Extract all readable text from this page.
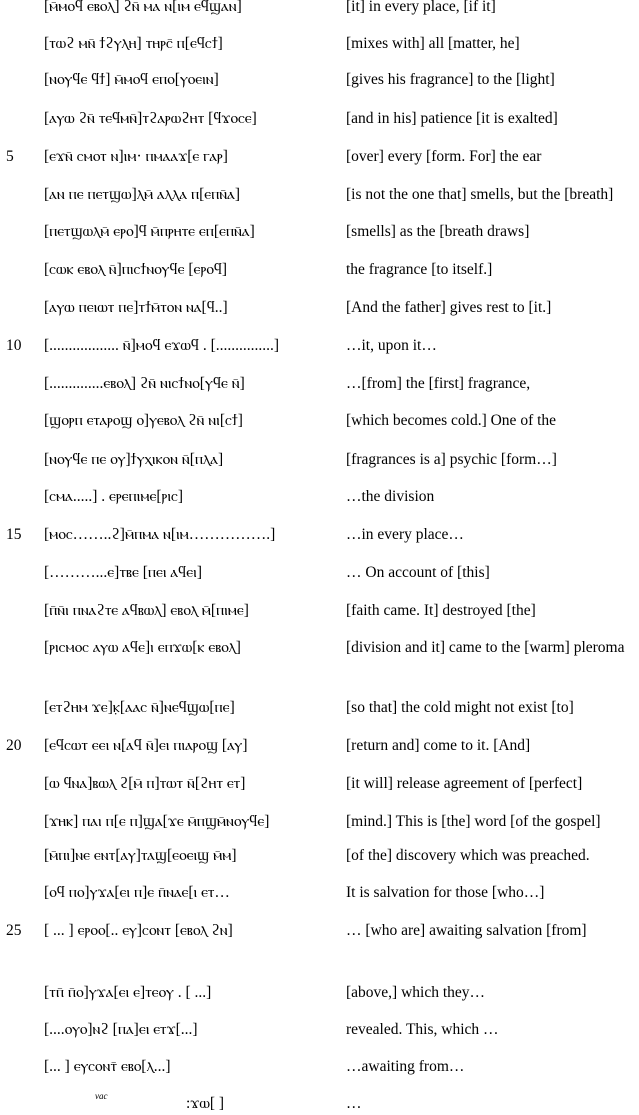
[ⲙ̄ⲙⲟϥ ⲉⲃⲟⲗ] ϩⲛ̄ ⲙⲁ ⲛ[ⲓⲙ ⲉϥϣⲁⲛ]	[it] in every place, [if it]
[ⲧⲱϩ ⲙⲛ̄ ϯϩⲩⲗⲏ] ⲧⲏⲣⲥ̄ ⲡ[ⲉϥⲥϯ]	[mixes with] all [matter, he]
[ⲛⲟⲩϥⲉ ϥϯ] ⲙ̄ⲙⲟϥ ⲉⲡⲟ[ⲩⲟⲉⲓⲛ]	[gives his fragrance] to the [light]
[ⲁⲩⲱ ϩⲛ̄ ⲧⲉϥⲙⲛ̄]ⲧϩⲁⲣⲱϩⲏⲧ [ϥϫⲟⲥⲉ]	[and in his] patience [it is exalted]
5	[ⲉϫⲛ̄ ⲥⲙⲟⲧ ⲛ]ⲓⲙ· ⲡⲙⲁⲁϫ[ⲉ ⲅⲁⲣ]	[over] every [form. For] the ear
[ⲁⲛ ⲡⲉ ⲡⲉⲧϣⲱ]ⲗⲙ̄ ⲁⲗⲗⲁ ⲡ[ⲉⲡⲛ̄ⲁ]	[is not the one that] smells, but the [breath]
[ⲡⲉⲧϣⲱⲗⲙ̄ ⲉⲣⲟ]ϥ ⲙ̄ⲡⲣⲏⲧⲉ ⲉⲡ[ⲉⲡⲛ̄ⲁ]	[smells] as the [breath draws]
[ⲥⲱⲕ ⲉⲃⲟⲗ ⲛ̄]ⲡⲓⲥϯⲛⲟⲩϥⲉ [ⲉⲣⲟϥ]	the fragrance [to itself.]
[ⲁⲩⲱ ⲡⲉⲓⲱⲧ ⲡⲉ]ⲧϯⲙ̄ⲧⲟⲛ ⲛⲁ[ϥ..]	[And the father] gives rest to [it.]
10	[.................. ⲛ̄]ⲙⲟϥ ⲉϫⲱϥ . [...............]	…it, upon it…
[..............ⲉⲃⲟⲗ] ϩⲛ̄ ⲛⲓⲥϯⲛⲟ[ⲩϥⲉ ⲛ̄]	…[from] the [first] fragrance,
[ϣⲟⲣⲡ ⲉⲧⲁⲣⲟϣ ⲟ]ⲩⲉⲃⲟⲗ ϩⲛ̄ ⲛⲓ[ⲥϯ]	[which becomes cold.] One of the
[ⲛⲟⲩϥⲉ ⲡⲉ ⲟⲩ]ϯⲩⲭⲓⲕⲟⲛ ⲛ̄[ⲡⲗⲁ]	[fragrances is a] psychic [form…]
[ⲥⲙⲁ.....] . ⲉⲣⲉⲡⲓⲙⲉ[ⲣⲓⲥ]	…the division
15	[ⲙⲟⲥ……..ϩ]ⲙ̄ⲡⲙⲁ ⲛ[ⲓⲙ…………….]	…in every place…
[………...ⲉ]ⲧⲃⲉ [ⲡⲉⲓ ⲁϥⲉⲓ]	… On account of [this]
[ⲡ̄ⲛ̄ⲓ ⲡⲛⲁϩⲧⲉ ⲁϥⲃⲱⲗ] ⲉⲃⲟⲗ ⲙ̄[ⲡⲓⲙⲉ]	[faith came. It] destroyed [the]
[ⲣⲓⲥⲙⲟⲥ ⲁⲩⲱ ⲁϥⲉ]ⲓ ⲉⲡϫⲱ[ⲕ ⲉⲃⲟⲗ]	[division and it] came to the [warm] pleroma
[ⲉⲧϩⲏⲙ ϫⲉ]ⲕ̣[ⲁⲁⲥ ⲛ̄]ⲛⲉϥϣⲱ[ⲡⲉ]	[so that] the cold might not exist [to]
20	[ⲉϥⲥⲱⲧ ⲉⲉⲓ ⲛ[ⲁϥ ⲛ̄]ⲉⲓ ⲡⲓⲁⲣⲟϣ [ⲁⲩ]	[return and] come to it. [And]
[ⲱ ϥⲛⲁ]ⲃⲱⲗ ϩ[ⲙ̄ ⲡ]ⲧⲱⲧ ⲛ̄[ϩⲏⲧ ⲉⲧ]	[it will] release agreement of [perfect]
[ϫⲏⲕ] ⲡⲁⲓ ⲡ[ⲉ ⲡ]ϣⲁ[ϫⲉ ⲙ̄ⲡϣⲙ̄ⲛⲟⲩϥⲉ]	[mind.] This is [the] word [of the gospel]
[ⲙ̄ⲡⲓ]ⲛⲉ ⲉⲛⲧ[ⲁⲩ]ⲧⲁϣ[ⲉⲟⲉⲓϣ ⲙ̄ⲙ]	[of the] discovery which was preached.
[ⲟϥ ⲡⲟ]ⲩϫⲁ[ⲉⲓ ⲡ]ⲉ ⲡ̄ⲛⲁⲉ[ⲓ ⲉⲧ…	It is salvation for those [who…]
25	[ ... ] ⲉⲣⲟⲟ[.. ⲉⲩ]ⲥⲟⲛⲧ [ⲉⲃⲟⲗ ϩⲛ]	… [who are] awaiting salvation [from]
[ⲧⲡ̄ ⲡ̄ⲟ]ⲩϫⲁ[ⲉⲓ ⲉ]ⲧⲉⲟⲩ . [ ...]	[above,] which they…
[....ⲟⲩⲟ]ⲛϩ [ⲡⲁ]ⲉⲓ ⲉⲧϫ[...]	revealed. This, which …
[... ] ⲉⲩⲥⲟⲛⲧ̄ ⲉⲃⲟ[ⲗ...]	…awaiting from…
:ϫⲱ[ ]	…
vac
